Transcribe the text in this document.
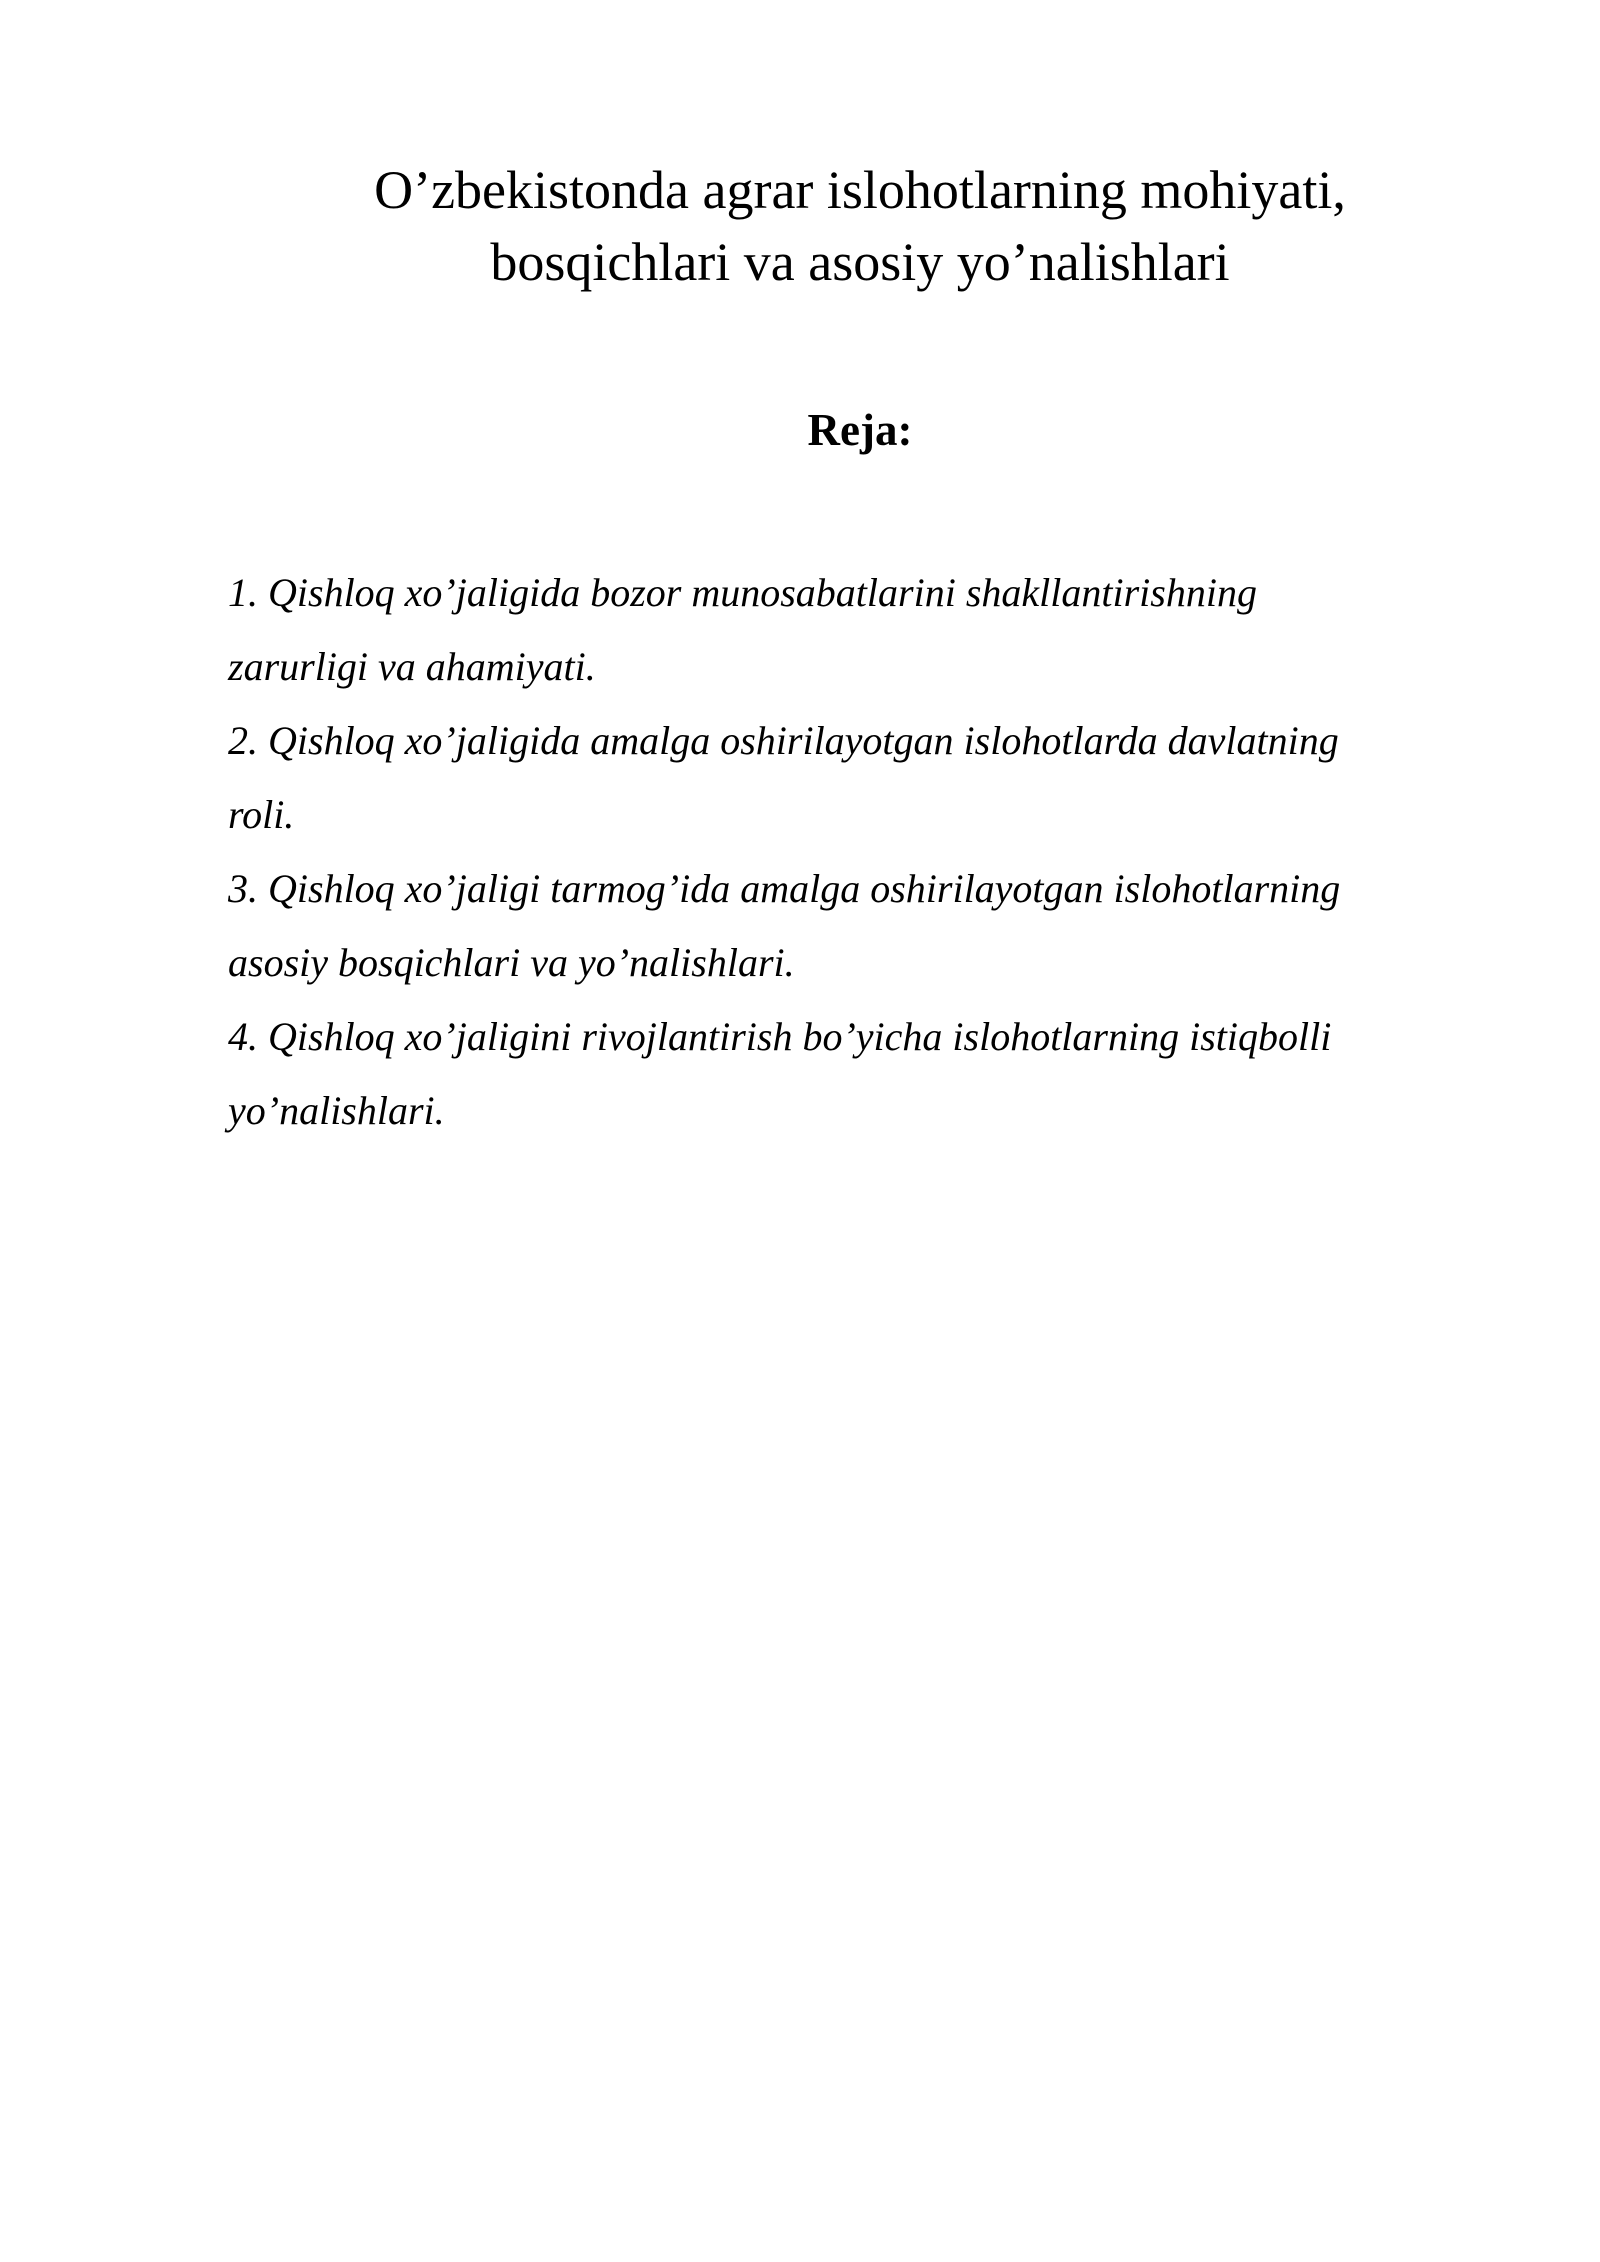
O’zbekistonda agrar islohotlarning mohiyati,
bosqichlari va asosiy yo’nalishlari
Reja:
1. Qishloq xo’jaligida bozor munosabatlarini shakllantirishning
zarurligi va ahamiyati.
2. Qishloq xo’jaligida amalga oshirilayotgan islohotlarda davlatning
roli.
3. Qishloq xo’jaligi tarmog’ida amalga oshirilayotgan islohotlarning
asosiy bosqichlari va yo’nalishlari.
4. Qishloq xo’jaligini rivojlantirish bo’yicha islohotlarning istiqbolli
yo’nalishlari.
